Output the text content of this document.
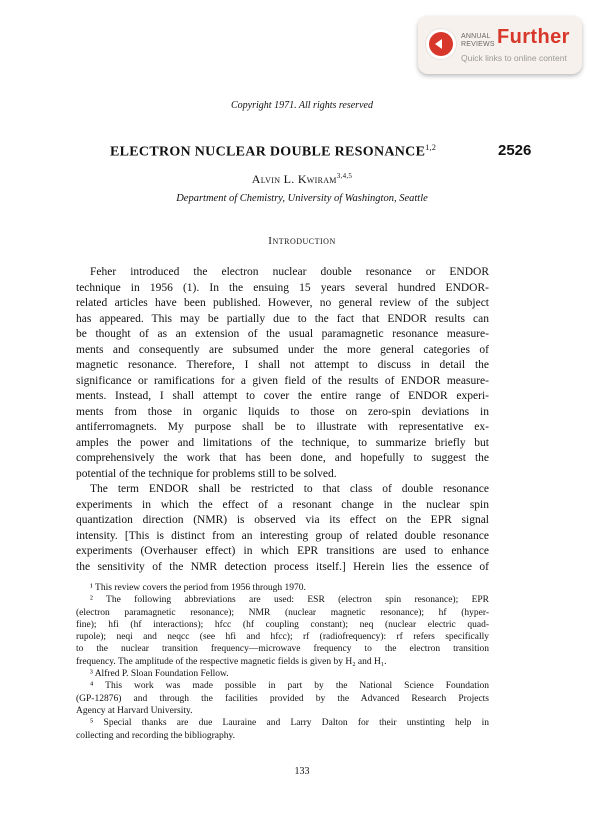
ANNUAL
REVIEWS Further
Quick links to online content
Copyright 1971. All rights reserved
ELECTRON NUCLEAR DOUBLE RESONANCE$^{1,2}$	2526
Alvin L. Kwiram$^{3,4,5}$
Department of Chemistry, University of Washington, Seattle
Introduction
Feher introduced the electron nuclear double resonance or ENDOR
technique in 1956 (1). In the ensuing 15 years several hundred ENDOR-
related articles have been published. However, no general review of the subject
has appeared. This may be partially due to the fact that ENDOR results can
be thought of as an extension of the usual paramagnetic resonance measure-
ments and consequently are subsumed under the more general categories of
magnetic resonance. Therefore, I shall not attempt to discuss in detail the
significance or ramifications for a given field of the results of ENDOR measure-
ments. Instead, I shall attempt to cover the entire range of ENDOR experi-
ments from those in organic liquids to those on zero-spin deviations in
antiferromagnets. My purpose shall be to illustrate with representative ex-
amples the power and limitations of the technique, to summarize briefly but
comprehensively the work that has been done, and hopefully to suggest the
potential of the technique for problems still to be solved.
The term ENDOR shall be restricted to that class of double resonance
experiments in which the effect of a resonant change in the nuclear spin
quantization direction (NMR) is observed via its effect on the EPR signal
intensity. [This is distinct from an interesting group of related double resonance
experiments (Overhauser effect) in which EPR transitions are used to enhance
the sensitivity of the NMR detection process itself.] Herein lies the essence of
¹ This review covers the period from 1956 through 1970.
² The following abbreviations are used: ESR (electron spin resonance); EPR
(electron paramagnetic resonance); NMR (nuclear magnetic resonance); hf (hyper-
fine); hfi (hf interactions); hfcc (hf coupling constant); neq (nuclear electric quad-
rupole); neqi and neqcc (see hfi and hfcc); rf (radiofrequency): rf refers specifically
to the nuclear transition frequency—microwave frequency to the electron transition
frequency. The amplitude of the respective magnetic fields is given by H₂ and H₁.
³ Alfred P. Sloan Foundation Fellow.
⁴ This work was made possible in part by the National Science Foundation
(GP-12876) and through the facilities provided by the Advanced Research Projects
Agency at Harvard University.
⁵ Special thanks are due Lauraine and Larry Dalton for their unstinting help in
collecting and recording the bibliography.
133
